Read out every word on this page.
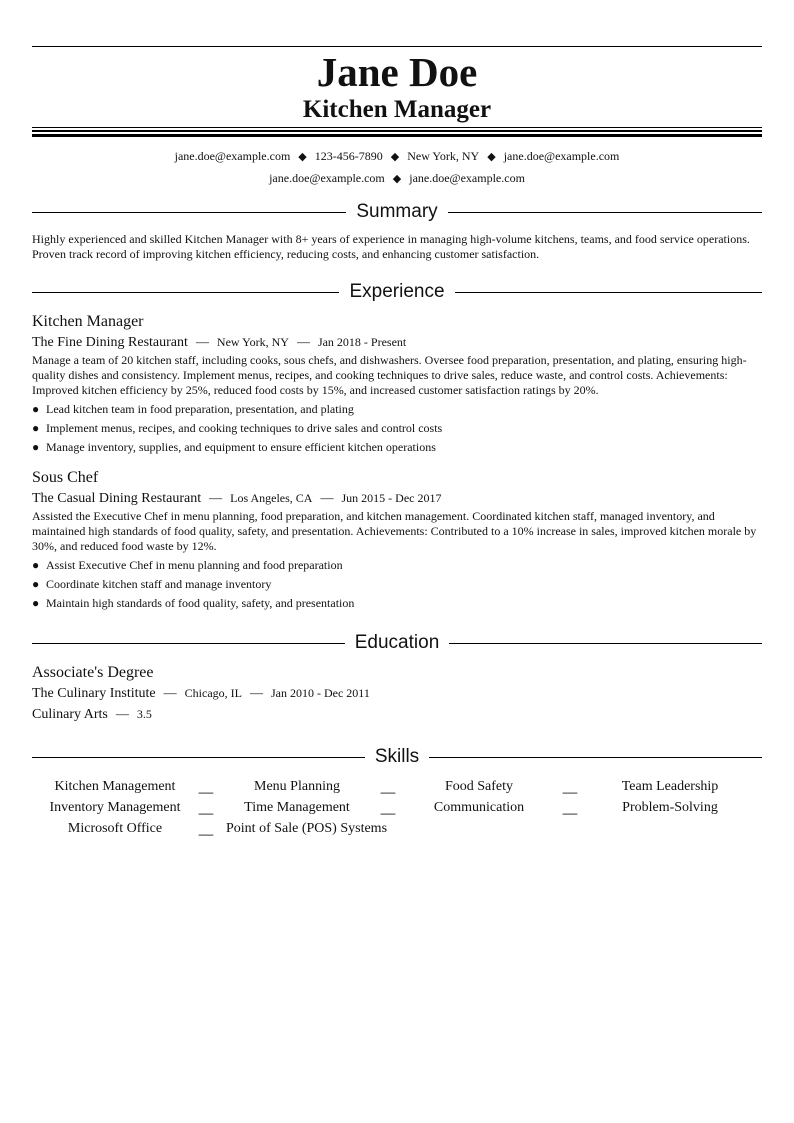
Jane Doe
Kitchen Manager
jane.doe@example.com ◆ 123-456-7890 ◆ New York, NY ◆ jane.doe@example.com
jane.doe@example.com ◆ jane.doe@example.com
Summary

Highly experienced and skilled Kitchen Manager with 8+ years of experience in managing high-volume kitchens, teams, and food service operations. Proven track record of improving kitchen efficiency, reducing costs, and enhancing customer satisfaction.

Experience
Kitchen Manager
The Fine Dining Restaurant — New York, NY — Jan 2018 - Present

Manage a team of 20 kitchen staff, including cooks, sous chefs, and dishwashers. Oversee food preparation, presentation, and plating, ensuring high-quality dishes and consistency. Implement menus, recipes, and cooking techniques to drive sales, reduce waste, and control costs. Achievements: Improved kitchen efficiency by 25%, reduced food costs by 15%, and increased customer satisfaction ratings by 20%.

● Lead kitchen team in food preparation, presentation, and plating
● Implement menus, recipes, and cooking techniques to drive sales and control costs
● Manage inventory, supplies, and equipment to ensure efficient kitchen operations
Sous Chef
The Casual Dining Restaurant — Los Angeles, CA — Jun 2015 - Dec 2017

Assisted the Executive Chef in menu planning, food preparation, and kitchen management. Coordinated kitchen staff, managed inventory, and maintained high standards of food quality, safety, and presentation. Achievements: Contributed to a 10% increase in sales, improved kitchen morale by 30%, and reduced food waste by 12%.

● Assist Executive Chef in menu planning and food preparation
● Coordinate kitchen staff and manage inventory
● Maintain high standards of food quality, safety, and presentation
Education
Associate's Degree
The Culinary Institute — Chicago, IL — Jan 2010 - Dec 2011
Culinary Arts — 3.5
Skills
Kitchen Management	__	Menu Planning	__	Food Safety	__	Team Leadership
Inventory Management	__	Time Management	__	Communication	__	Problem-Solving
Microsoft Office	__ Point of Sale (POS) Systems
